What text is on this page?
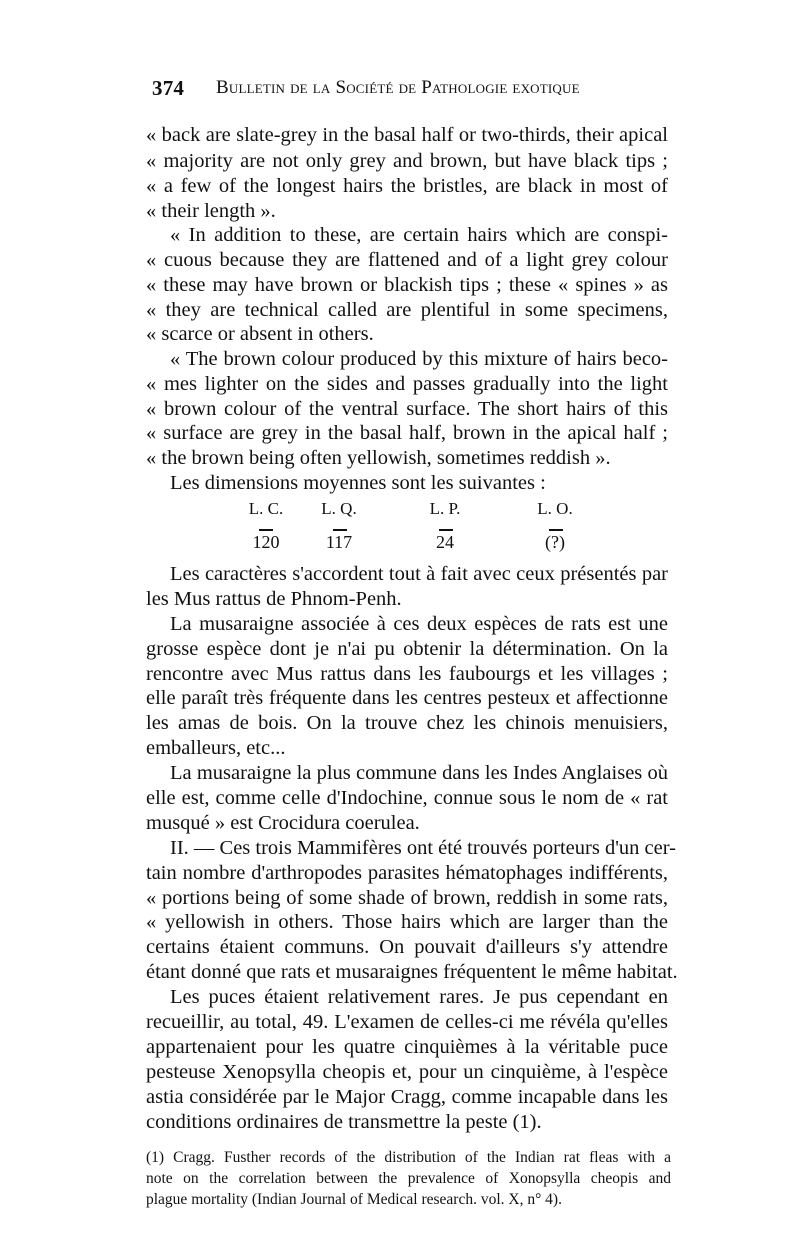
374 Bulletin de la Société de Pathologie exotique
« back are slate-grey in the basal half or two-thirds, their apical
« majority are not only grey and brown, but have black tips ;
« a few of the longest hairs the bristles, are black in most of
« their length ».
« In addition to these, are certain hairs which are conspi-
« cuous because they are flattened and of a light grey colour
« these may have brown or blackish tips ; these « spines » as
« they are technical called are plentiful in some specimens,
« scarce or absent in others.
« The brown colour produced by this mixture of hairs beco-
« mes lighter on the sides and passes gradually into the light
« brown colour of the ventral surface. The short hairs of this
« surface are grey in the basal half, brown in the apical half ;
« the brown being often yellowish, sometimes reddish ».
Les dimensions moyennes sont les suivantes :
L. C.	L. Q.	L. P.	L. O.
120	117	24	(?)
Les caractères s'accordent tout à fait avec ceux présentés par
les Mus rattus de Phnom-Penh.
La musaraigne associée à ces deux espèces de rats est une
grosse espèce dont je n'ai pu obtenir la détermination. On la
rencontre avec Mus rattus dans les faubourgs et les villages ;
elle paraît très fréquente dans les centres pesteux et affectionne
les amas de bois. On la trouve chez les chinois menuisiers,
emballeurs, etc...
La musaraigne la plus commune dans les Indes Anglaises où
elle est, comme celle d'Indochine, connue sous le nom de « rat
musqué » est Crocidura coerulea.
II. — Ces trois Mammifères ont été trouvés porteurs d'un cer-
tain nombre d'arthropodes parasites hématophages indifférents,
« portions being of some shade of brown, reddish in some rats,
« yellowish in others. Those hairs which are larger than the
certains étaient communs. On pouvait d'ailleurs s'y attendre
étant donné que rats et musaraignes fréquentent le même habitat.
Les puces étaient relativement rares. Je pus cependant en
recueillir, au total, 49. L'examen de celles-ci me révéla qu'elles
appartenaient pour les quatre cinquièmes à la véritable puce
pesteuse Xenopsylla cheopis et, pour un cinquième, à l'espèce
astia considérée par le Major Cragg, comme incapable dans les
conditions ordinaires de transmettre la peste (1).
(1) Cragg. Fusther records of the distribution of the Indian rat fleas with a
note on the correlation between the prevalence of Xonopsylla cheopis and
plague mortality (Indian Journal of Medical research. vol. X, n° 4).
